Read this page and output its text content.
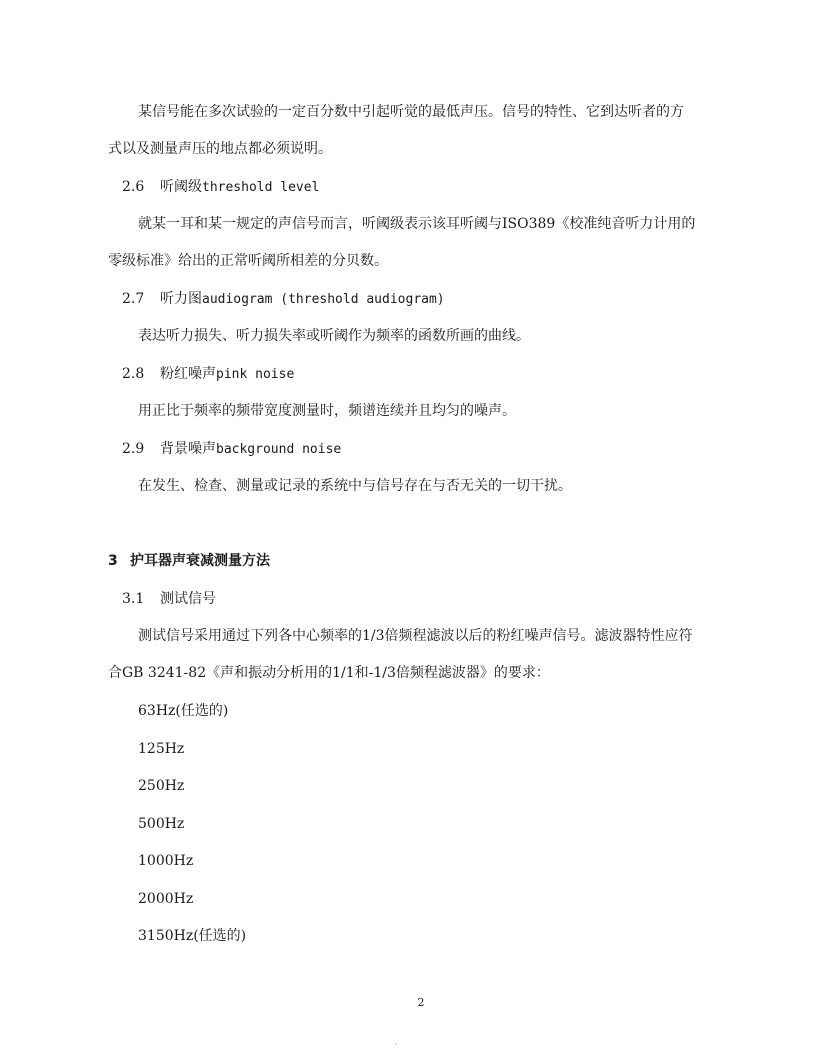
某信号能在多次试验的一定百分数中引起听觉的最低声压。信号的特性、它到达听者的方
式以及测量声压的地点都必须说明。
2.6 听阈级threshold level
就某一耳和某一规定的声信号而言，听阈级表示该耳听阈与ISO389《校准纯音听力计用的
零级标准》给出的正常听阈所相差的分贝数。
2.7 听力图audiogram (threshold audiogram)
表达听力损失、听力损失率或听阈作为频率的函数所画的曲线。
2.8 粉红噪声pink noise
用正比于频率的频带宽度测量时，频谱连续并且均匀的噪声。
2.9 背景噪声background noise
在发生、检查、测量或记录的系统中与信号存在与否无关的一切干扰。
3 护耳器声衰减测量方法
3.1 测试信号
测试信号采用通过下列各中心频率的1/3倍频程滤波以后的粉红噪声信号。滤波器特性应符
合GB 3241-82《声和振动分析用的1/1和-1/3倍频程滤波器》的要求：
63Hz(任选的)
125Hz
250Hz
500Hz
1000Hz
2000Hz
3150Hz(任选的)
2
·
